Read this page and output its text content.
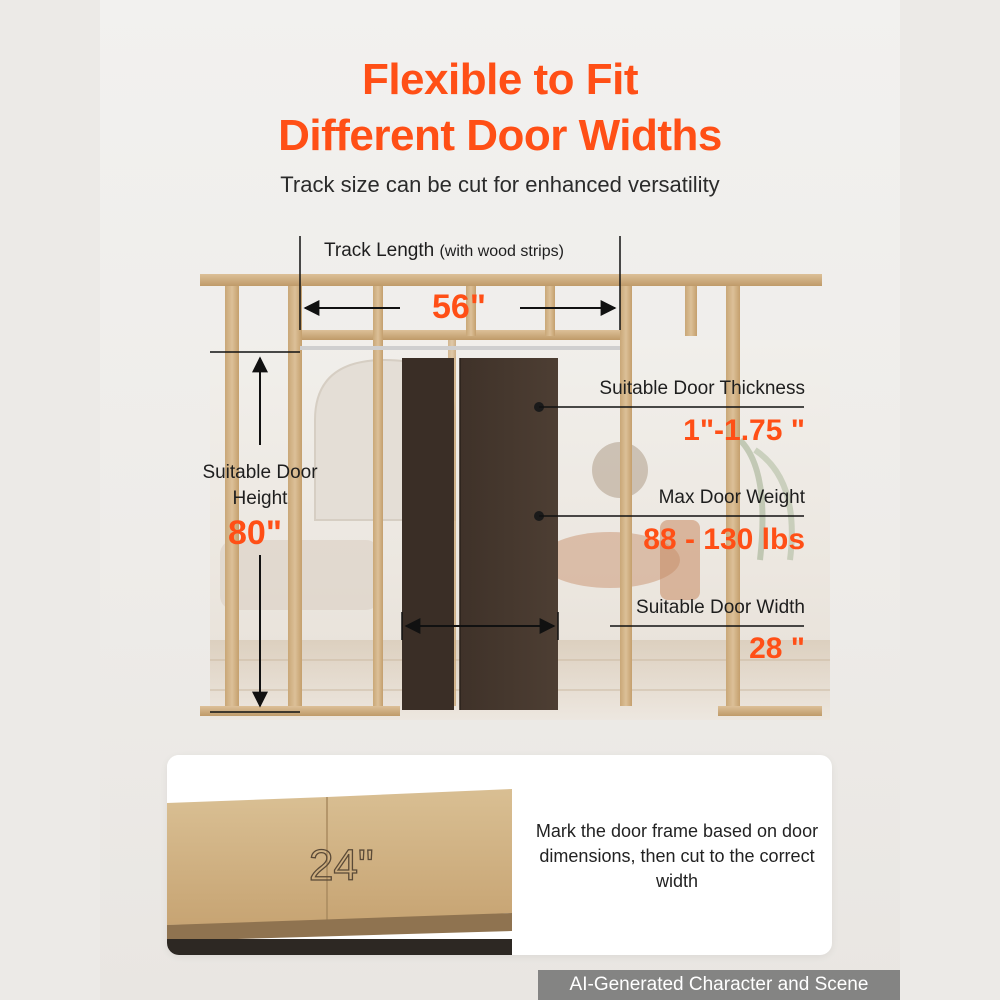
Flexible to Fit
Different Door Widths
Track size can be cut for enhanced versatility
Track Length (with wood strips)
56"
Suitable Door
Height
80"
Suitable Door Thickness
1"-1.75 "
Max Door Weight
88 - 130 lbs
Suitable Door Width
28 "
24"
Mark the door frame based on door dimensions, then cut to the correct width
AI-Generated Character and Scene
